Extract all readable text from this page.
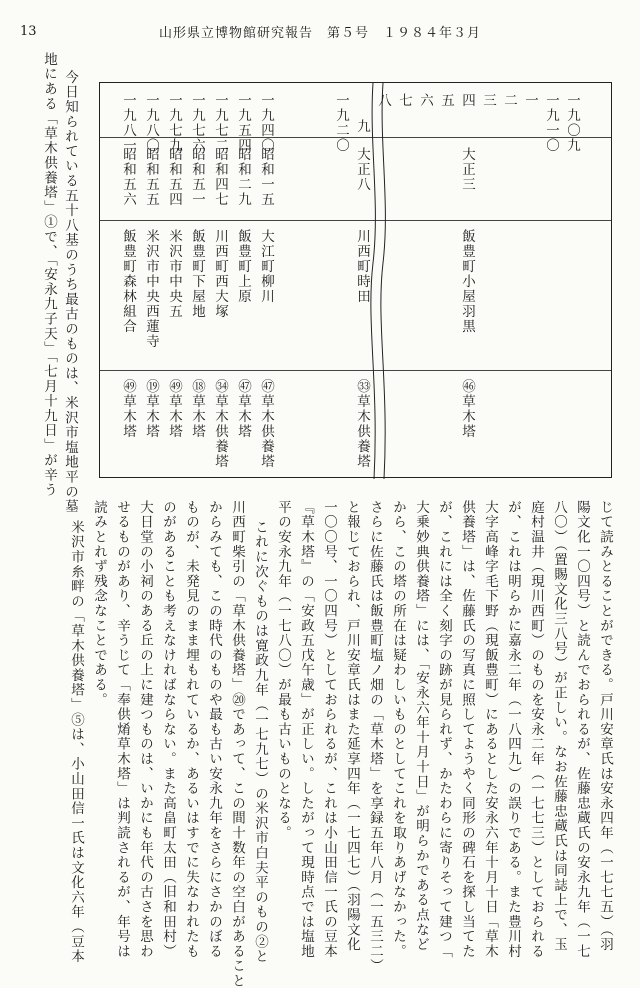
13	山形県立博物館研究報告　第５号　１９８４年３月
今日知られている五十八基のうち最古のものは、米沢市塩地平の墓
地にある「草木供養塔」①で、「安永九子天」「七月十九日」が辛う	一九〇九
一九一〇
一
二
三
四
大正三
飯豊町小屋羽黒
㊻草木塔
五
六
七
八
九
大正八
川西町時田
㉝草木供養塔
一九二〇
一九四〇
昭和一五
大江町柳川
㊼草木供養塔
一九五四
昭和二九
飯豊町上原
㊼草木塔
一九七二
昭和四七
川西町西大塚
㉞草木供養塔
一九七六
昭和五一
飯豊町下屋地
⑱草木塔
一九七九
昭和五四
米沢市中央五
㊾草木塔
一九八〇
昭和五五
米沢市中央西蓮寺
⑲草木塔
一九八一
昭和五六
飯豊町森林組合
㊾草木塔
じて読みとることができる。戸川安章氏は安永四年（一七七五）（羽
陽文化一〇四号）と読んでおられるが、佐藤忠蔵氏の安永九年（一七
八〇）（置賜文化三八号）が正しい。なお佐藤忠蔵氏は同誌上で、玉
庭村温井（現川西町）のものを安永二年（一七七三）としておられる
が、これは明らかに嘉永二年（一八四九）の誤りである。また豊川村
大字高峰字毛下野（現飯豊町）にあるとした安永六年十月十日「草木
供養塔」は、佐藤氏の写真に照してようやく同形の碑石を探し当てた
が、これには全く刻字の跡が見られず、かたわらに寄りそって建つ「
大乗妙典供養塔」には、「安永六年十月十日」が明らかである点など
から、この塔の所在は疑わしいものとしてこれを取りあげなかった。
さらに佐藤氏は飯豊町塩ノ畑の「草木塔」を享録五年八月（一五三二）
と報じておられ、戸川安章氏はまた延享四年（一七四七）（羽陽文化
一〇〇号、一〇四号）としておられるが、これは小山田信一氏の豆本
『草木塔』の「安政五戊午歳」が正しい。したがって現時点では塩地
平の安永九年（一七八〇）が最も古いものとなる。
これに次ぐものは寛政九年（一七九七）の米沢市白夫平のもの②と
川西町柴引の「草木供養塔」⑳であって、この間十数年の空白があること
からみても、この時代のものや最も古い安永九年をさらにさかのぼる
ものが、未発見のまま埋もれているか、あるいはすでに失なわれたも
のがあることも考えなければならない。また高畠町太田（旧和田村）
大日堂の小祠のある丘の上に建つものは、いかにも年代の古さを思わ
せるものがあり、辛うじて「奉供𤉶草木塔」は判読されるが、年号は
読みとれず残念なことである。
米沢市糸畔の「草木供養塔」⑤は、小山田信一氏は文化六年（豆本
